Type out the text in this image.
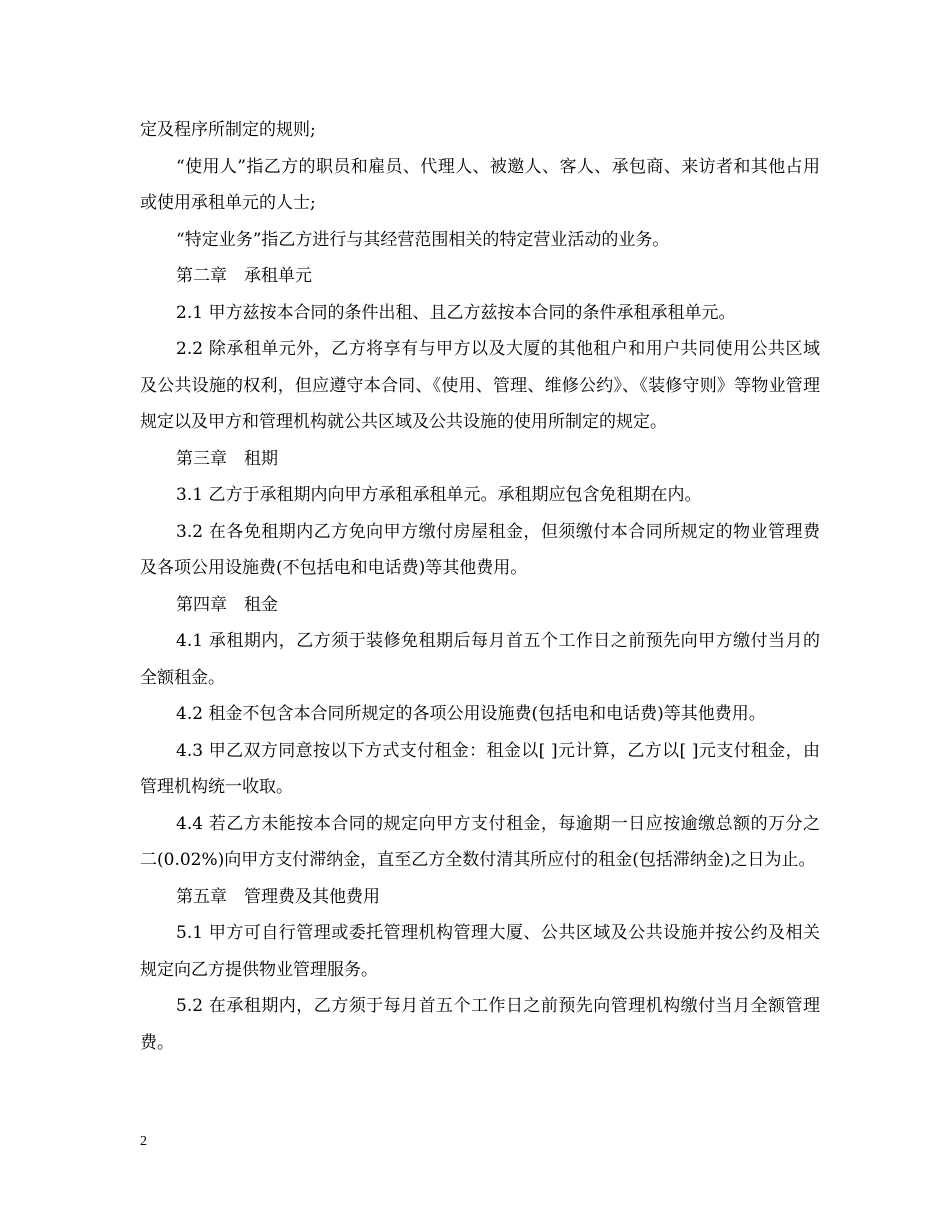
定及程序所制定的规则;

“使用人”指乙方的职员和雇员、代理人、被邀人、客人、承包商、来访者和其他占用或使用承租单元的人士;

“特定业务”指乙方进行与其经营范围相关的特定营业活动的业务。

第二章　承租单元

2.1 甲方兹按本合同的条件出租、且乙方兹按本合同的条件承租承租单元。

2.2 除承租单元外，乙方将享有与甲方以及大厦的其他租户和用户共同使用公共区域及公共设施的权利，但应遵守本合同、《使用、管理、维修公约》、《装修守则》等物业管理规定以及甲方和管理机构就公共区域及公共设施的使用所制定的规定。

第三章　租期

3.1 乙方于承租期内向甲方承租承租单元。承租期应包含免租期在内。

3.2 在各免租期内乙方免向甲方缴付房屋租金，但须缴付本合同所规定的物业管理费及各项公用设施费(不包括电和电话费)等其他费用。

第四章　租金

4.1 承租期内，乙方须于装修免租期后每月首五个工作日之前预先向甲方缴付当月的全额租金。

4.2 租金不包含本合同所规定的各项公用设施费(包括电和电话费)等其他费用。

4.3 甲乙双方同意按以下方式支付租金：租金以[ ]元计算，乙方以[ ]元支付租金，由管理机构统一收取。

4.4 若乙方未能按本合同的规定向甲方支付租金，每逾期一日应按逾缴总额的万分之二(0.02%)向甲方支付滞纳金，直至乙方全数付清其所应付的租金(包括滞纳金)之日为止。

第五章　管理费及其他费用

5.1 甲方可自行管理或委托管理机构管理大厦、公共区域及公共设施并按公约及相关规定向乙方提供物业管理服务。

5.2 在承租期内，乙方须于每月首五个工作日之前预先向管理机构缴付当月全额管理费。

2
